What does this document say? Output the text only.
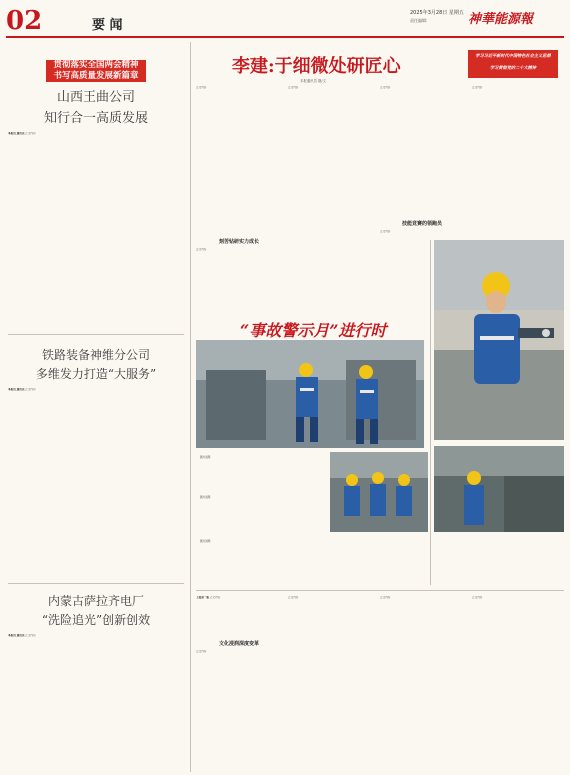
02	要 闻
2025年3月28日 星期五
责任编辑:	神華能源報
贯彻落实全国两会精神
书写高质量发展新篇章
山西王曲公司
知行合一高质发展
本报讯 通讯员 正文内容
铁路装备神维分公司
多维发力打造“大服务”
本报讯 通讯员 正文内容
内蒙古萨拉齐电厂
“洗险追光”创新创效
本报讯 通讯员 正文内容
学习习近平新时代中国特色社会主义思想
学习贯彻党的二十大精神
李建:于细微处研匠心
本报通讯员 摄/文
正文内容
刻苦钻研实力成长
正文内容
正文内容	正文内容
技能竞赛的领跑员
正文内容
正文内容
“事故警示月”进行时
图片说明
图片说明
图片说明
上接第一版 正文内容
文化浸润深度变革
正文内容
正文内容	正文内容	正文内容
